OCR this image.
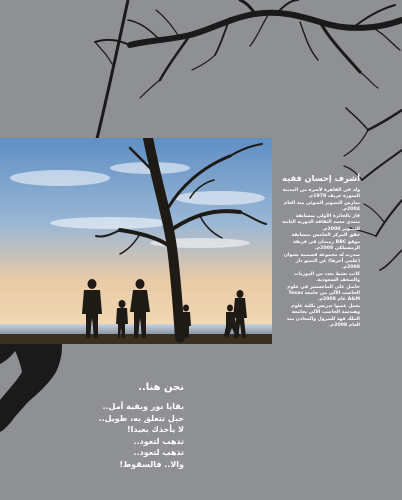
أشرف إحسان فقيه
ولد في القاهرة لأسرة من المدينة المنورة خريف 1978م.
يمارس التصوير الضوئي منذ العام 2004م.
فاز بالجائزة الأولى بمسابقة منتدى معمد الثقافة الدورية الثانية للتصوير 2008م.
حقق المركز الخامس بمسابقة موقع BBC رمضان في فريقة الرمسيلكي 2008م.
صدرت له مجموعة قصصية بعنوان (علمي أخرها) عن التمنو دار 2008م.
كاتب نشط بعدد من الدوريات والصحف السعودية.
حاصل على الماجستير في علوم الحاسب الآلي من جامعة Texas A&M عام 2008م.
يعمل عضوا تدريس بكلية علوم وهندسة الحاسب الآلي بجامعة الملك فهد للبترول والمعادن منذ العام 2008م.
نحن هنا..
بقايا نور وبقية أمل..
حبل تتعلق به، طويل..
لا يأخذك بعيدا!
تذهب لتعود..
تذهب لتعود..
والا.. فالسقوط!
